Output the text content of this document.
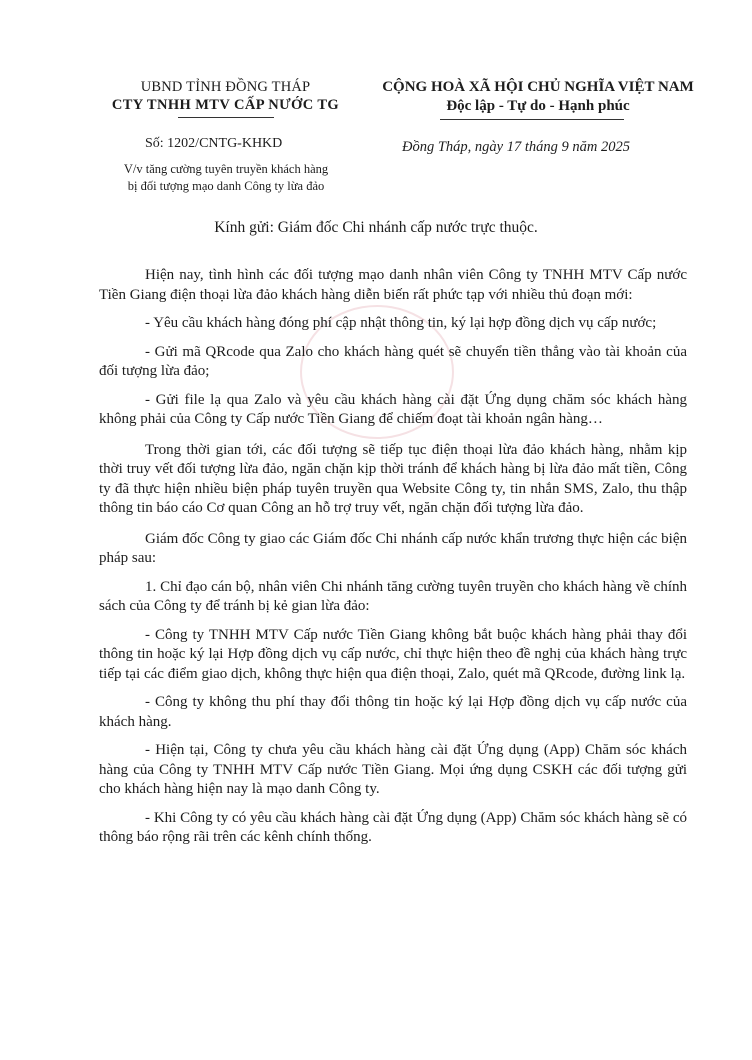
UBND TỈNH ĐỒNG THÁP
CTY TNHH MTV CẤP NƯỚC TG
CỘNG HOÀ XÃ HỘI CHỦ NGHĨA VIỆT NAM
Độc lập - Tự do - Hạnh phúc
Số: 1202/CNTG-KHKD
V/v tăng cường tuyên truyền khách hàng
bị đối tượng mạo danh Công ty lừa đảo
Đồng Tháp, ngày 17 tháng 9 năm 2025
Kính gửi: Giám đốc Chi nhánh cấp nước trực thuộc.

Hiện nay, tình hình các đối tượng mạo danh nhân viên Công ty TNHH MTV Cấp nước Tiền Giang điện thoại lừa đảo khách hàng diễn biến rất phức tạp với nhiều thủ đoạn mới:

- Yêu cầu khách hàng đóng phí cập nhật thông tin, ký lại hợp đồng dịch vụ cấp nước;

- Gửi mã QRcode qua Zalo cho khách hàng quét sẽ chuyển tiền thẳng vào tài khoản của đối tượng lừa đảo;

- Gửi file lạ qua Zalo và yêu cầu khách hàng cài đặt Ứng dụng chăm sóc khách hàng không phải của Công ty Cấp nước Tiền Giang để chiếm đoạt tài khoản ngân hàng…

Trong thời gian tới, các đối tượng sẽ tiếp tục điện thoại lừa đảo khách hàng, nhằm kịp thời truy vết đối tượng lừa đảo, ngăn chặn kịp thời tránh để khách hàng bị lừa đảo mất tiền, Công ty đã thực hiện nhiều biện pháp tuyên truyền qua Website Công ty, tin nhắn SMS, Zalo, thu thập thông tin báo cáo Cơ quan Công an hỗ trợ truy vết, ngăn chặn đối tượng lừa đảo.

Giám đốc Công ty giao các Giám đốc Chi nhánh cấp nước khẩn trương thực hiện các biện pháp sau:

1. Chỉ đạo cán bộ, nhân viên Chi nhánh tăng cường tuyên truyền cho khách hàng về chính sách của Công ty để tránh bị kẻ gian lừa đảo:

- Công ty TNHH MTV Cấp nước Tiền Giang không bắt buộc khách hàng phải thay đổi thông tin hoặc ký lại Hợp đồng dịch vụ cấp nước, chỉ thực hiện theo đề nghị của khách hàng trực tiếp tại các điểm giao dịch, không thực hiện qua điện thoại, Zalo, quét mã QRcode, đường link lạ.

- Công ty không thu phí thay đổi thông tin hoặc ký lại Hợp đồng dịch vụ cấp nước của khách hàng.

- Hiện tại, Công ty chưa yêu cầu khách hàng cài đặt Ứng dụng (App) Chăm sóc khách hàng của Công ty TNHH MTV Cấp nước Tiền Giang. Mọi ứng dụng CSKH các đối tượng gửi cho khách hàng hiện nay là mạo danh Công ty.

- Khi Công ty có yêu cầu khách hàng cài đặt Ứng dụng (App) Chăm sóc khách hàng sẽ có thông báo rộng rãi trên các kênh chính thống.
